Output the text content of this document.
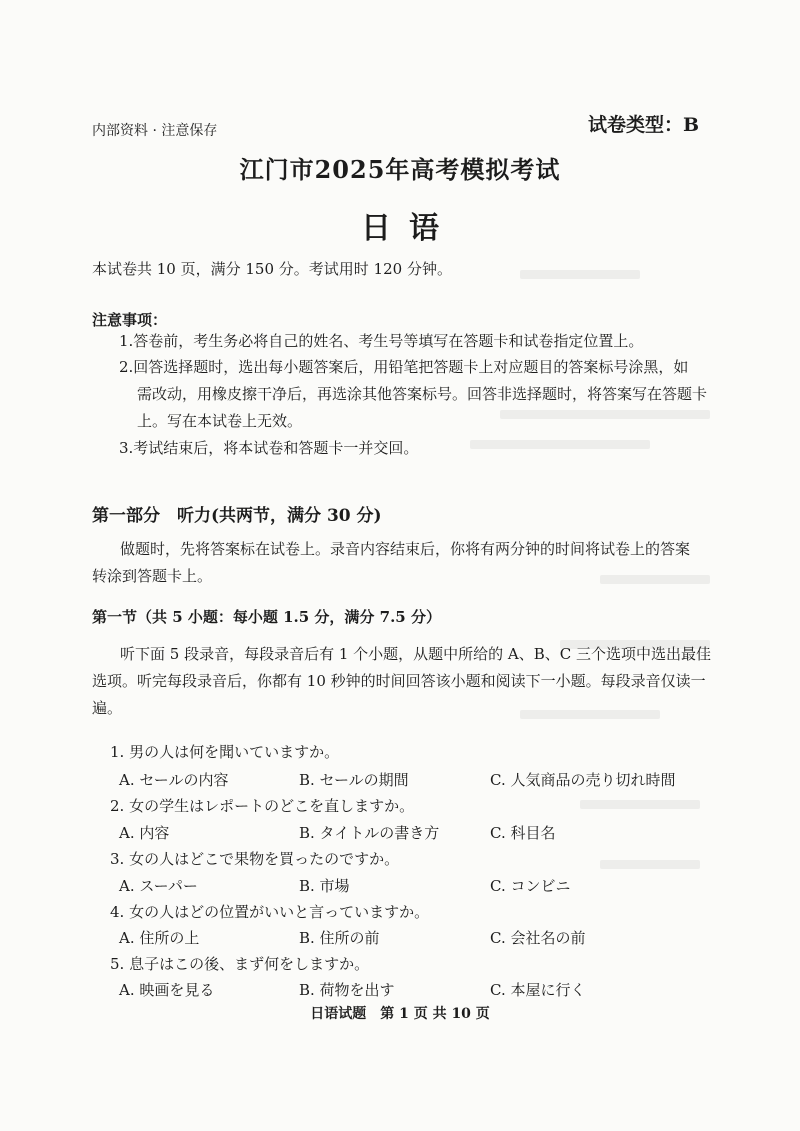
内部资料 · 注意保存	试卷类型：B
江门市2025年高考模拟考试
日语
本试卷共 10 页，满分 150 分。考试用时 120 分钟。
注意事项：
1.答卷前，考生务必将自己的姓名、考生号等填写在答题卡和试卷指定位置上。
2.回答选择题时，选出每小题答案后，用铅笔把答题卡上对应题目的答案标号涂黑，如
需改动，用橡皮擦干净后，再选涂其他答案标号。回答非选择题时，将答案写在答题卡
上。写在本试卷上无效。
3.考试结束后，将本试卷和答题卡一并交回。
第一部分　听力(共两节，满分 30 分)
做题时，先将答案标在试卷上。录音内容结束后，你将有两分钟的时间将试卷上的答案
转涂到答题卡上。
第一节（共 5 小题：每小题 1.5 分，满分 7.5 分）
听下面 5 段录音，每段录音后有 1 个小题，从题中所给的 A、B、C 三个选项中选出最佳
选项。听完每段录音后，你都有 10 秒钟的时间回答该小题和阅读下一小题。每段录音仅读一
遍。
1. 男の人は何を聞いていますか。
A. セールの内容	B. セールの期間	C. 人気商品の売り切れ時間
2. 女の学生はレポートのどこを直しますか。
A. 内容	B. タイトルの書き方	C. 科目名
3. 女の人はどこで果物を買ったのですか。
A. スーパー	B. 市場	C. コンビニ
4. 女の人はどの位置がいいと言っていますか。
A. 住所の上	B. 住所の前	C. 会社名の前
5. 息子はこの後、まず何をしますか。
A. 映画を見る	B. 荷物を出す	C. 本屋に行く
日语试题　第 1 页 共 10 页
